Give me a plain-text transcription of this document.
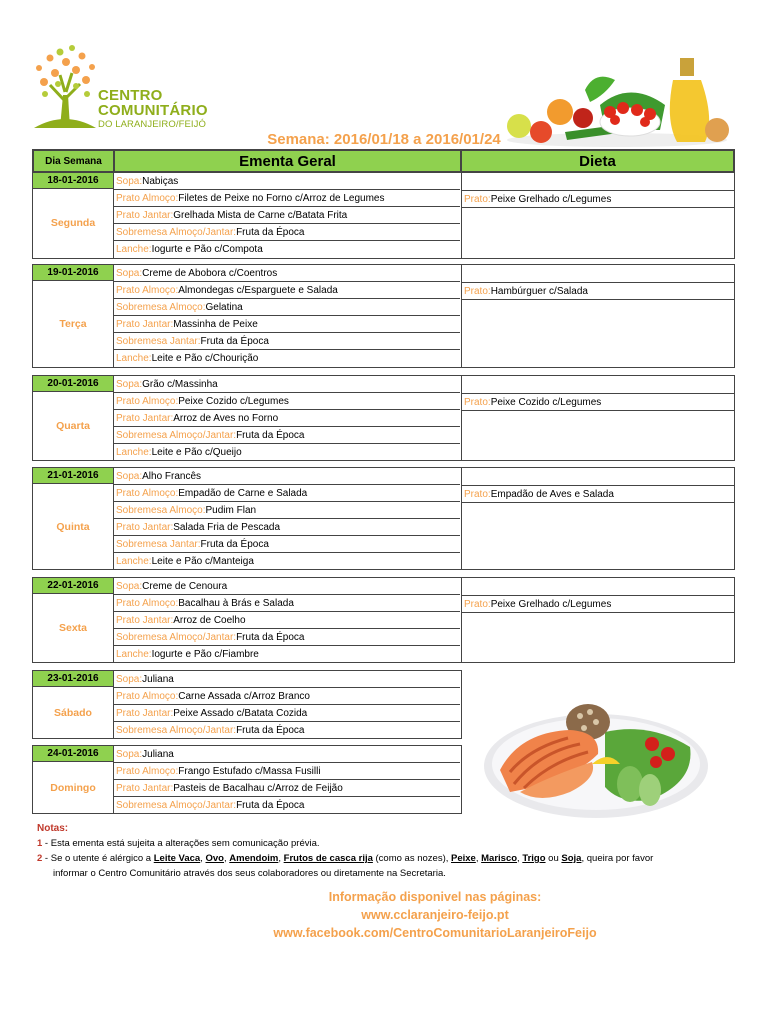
CENTRO
COMUNITÁRIO
DO LARANJEIRO/FEIJÓ
Semana: 2016/01/18 a 2016/01/24
Dia Semana	Ementa Geral	Dieta
18-01-2016
Segunda
Sopa: Nabiças
Prato Almoço: Filetes de Peixe no Forno c/Arroz de Legumes
Prato Jantar: Grelhada Mista de Carne c/Batata Frita
Sobremesa Almoço/Jantar: Fruta da Época
Lanche: Iogurte e Pão c/Compota
Prato: Peixe Grelhado c/Legumes
19-01-2016
Terça
Sopa: Creme de Abobora c/Coentros
Prato Almoço: Almondegas c/Esparguete e Salada
Sobremesa Almoço: Gelatina
Prato Jantar: Massinha de Peixe
Sobremesa Jantar: Fruta da Época
Lanche: Leite e Pão c/Chourição
Prato: Hambúrguer c/Salada
20-01-2016
Quarta
Sopa: Grão c/Massinha
Prato Almoço: Peixe Cozido c/Legumes
Prato Jantar: Arroz de Aves no Forno
Sobremesa Almoço/Jantar: Fruta da Época
Lanche: Leite e Pão c/Queijo
Prato: Peixe Cozido c/Legumes
21-01-2016
Quinta
Sopa: Alho Francês
Prato Almoço: Empadão de Carne e Salada
Sobremesa Almoço: Pudim Flan
Prato Jantar: Salada Fria de Pescada
Sobremesa Jantar: Fruta da Época
Lanche: Leite e Pão c/Manteiga
Prato: Empadão de Aves e Salada
22-01-2016
Sexta
Sopa: Creme de Cenoura
Prato Almoço: Bacalhau à Brás e Salada
Prato Jantar: Arroz de Coelho
Sobremesa Almoço/Jantar: Fruta da Época
Lanche: Iogurte e Pão c/Fiambre
Prato: Peixe Grelhado c/Legumes
23-01-2016
Sábado
Sopa: Juliana
Prato Almoço: Carne Assada c/Arroz Branco
Prato Jantar: Peixe Assado c/Batata Cozida
Sobremesa Almoço/Jantar: Fruta da Época
24-01-2016
Domingo
Sopa: Juliana
Prato Almoço: Frango Estufado c/Massa Fusilli
Prato Jantar: Pasteis de Bacalhau c/Arroz de Feijão
Sobremesa Almoço/Jantar: Fruta da Época
Notas:
1 - Esta ementa está sujeita a alterações sem comunicação prévia.
2 - Se o utente é alérgico a Leite Vaca, Ovo, Amendoim, Frutos de casca rija (como as nozes), Peixe, Marisco, Trigo ou Soja, queira por favor
informar o Centro Comunitário através dos seus colaboradores ou diretamente na Secretaria.
Informação disponivel nas páginas:
www.cclaranjeiro-feijo.pt
www.facebook.com/CentroComunitarioLaranjeiroFeijo
